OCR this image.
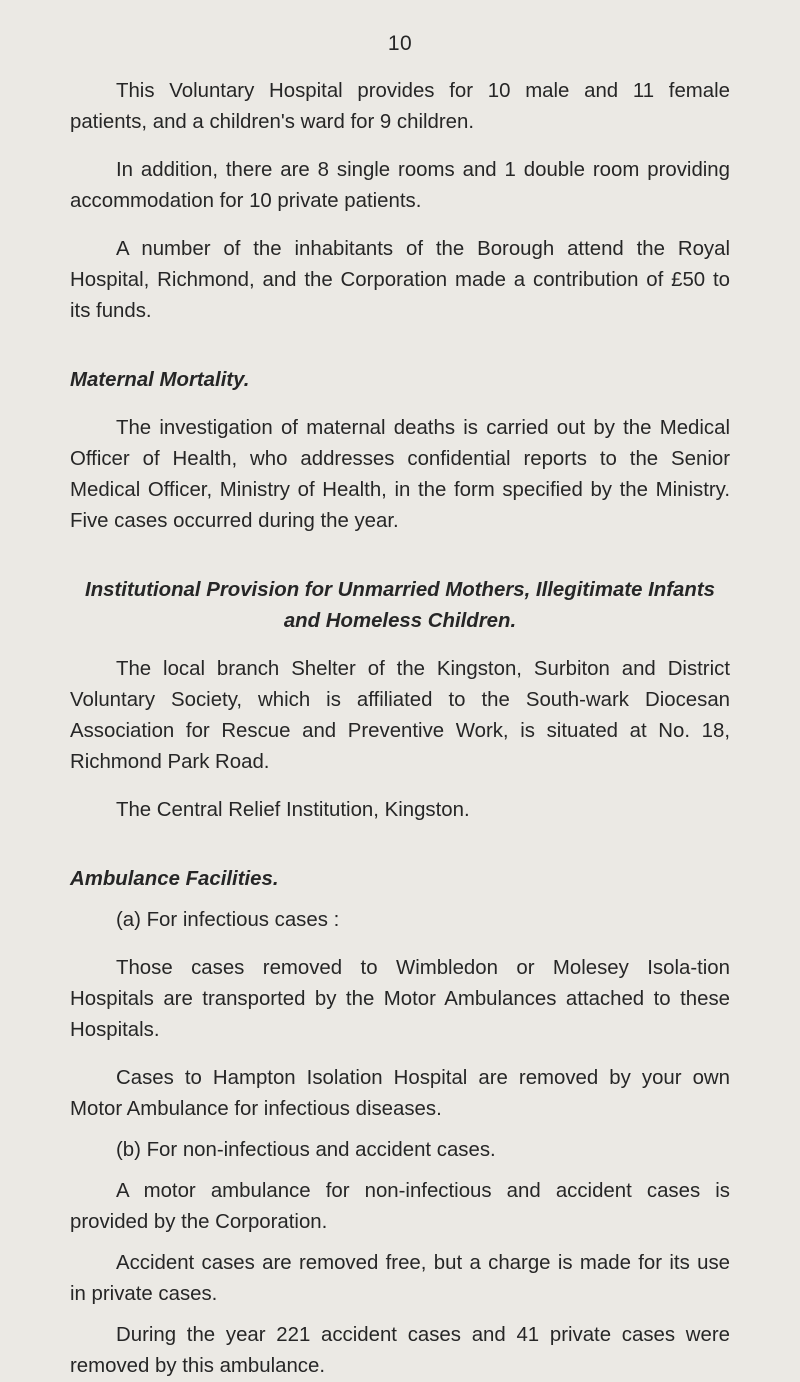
10

This Voluntary Hospital provides for 10 male and 11 female patients, and a children's ward for 9 children.

In addition, there are 8 single rooms and 1 double room providing accommodation for 10 private patients.

A number of the inhabitants of the Borough attend the Royal Hospital, Richmond, and the Corporation made a contribution of £50 to its funds.

Maternal Mortality.

The investigation of maternal deaths is carried out by the Medical Officer of Health, who addresses confidential reports to the Senior Medical Officer, Ministry of Health, in the form specified by the Ministry. Five cases occurred during the year.

Institutional Provision for Unmarried Mothers, Illegitimate Infants and Homeless Children.

The local branch Shelter of the Kingston, Surbiton and District Voluntary Society, which is affiliated to the South-wark Diocesan Association for Rescue and Preventive Work, is situated at No. 18, Richmond Park Road.

The Central Relief Institution, Kingston.

Ambulance Facilities.

(a) For infectious cases :

Those cases removed to Wimbledon or Molesey Isola-tion Hospitals are transported by the Motor Ambulances attached to these Hospitals.

Cases to Hampton Isolation Hospital are removed by your own Motor Ambulance for infectious diseases.

(b) For non-infectious and accident cases.

A motor ambulance for non-infectious and accident cases is provided by the Corporation.

Accident cases are removed free, but a charge is made for its use in private cases.

During the year 221 accident cases and 41 private cases were removed by this ambulance.
